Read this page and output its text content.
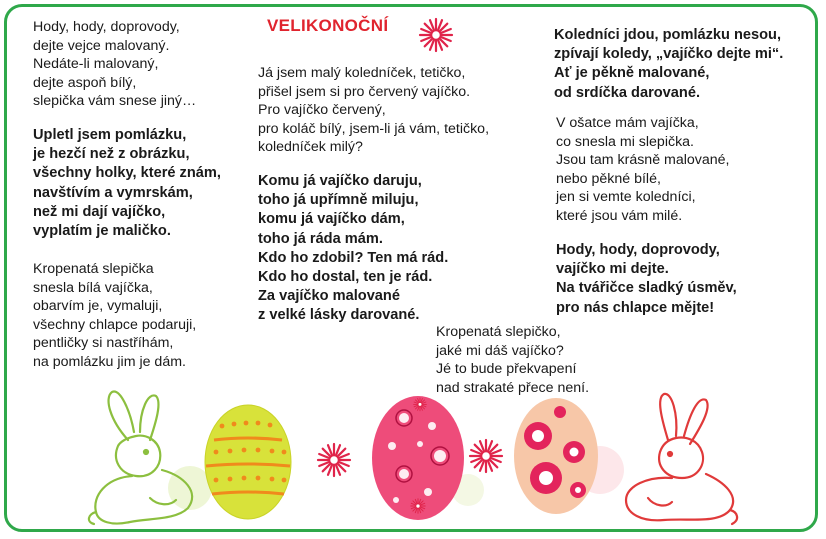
VELIKONOČNÍ
Hody, hody, doprovody,
dejte vejce malovaný.
Nedáte-li malovaný,
dejte aspoň bílý,
slepička vám snese jiný…
Upletl jsem pomlázku,
je hezčí než z obrázku,
všechny holky, které znám,
navštívím a vymrskám,
než mi dají vajíčko,
vyplatím je maličko.
Kropenatá slepička
snesla bílá vajíčka,
obarvím je, vymaluji,
všechny chlapce podaruji,
pentličky si nastříhám,
na pomlázku jim je dám.
Já jsem malý koledníček, tetičko,
přišel jsem si pro červený vajíčko.
Pro vajíčko červený,
pro koláč bílý, jsem-li já vám, tetičko,
koledníček milý?
Komu já vajíčko daruju,
toho já upřímně miluju,
komu já vajíčko dám,
toho já ráda mám.
Kdo ho zdobil? Ten má rád.
Kdo ho dostal, ten je rád.
Za vajíčko malované
z velké lásky darované.
Kropenatá slepičko,
jaké mi dáš vajíčko?
Jé to bude překvapení
nad strakaté přece není.
Koledníci jdou, pomlázku nesou,
zpívají koledy, „vajíčko dejte mi“.
Ať je pěkně malované,
od srdíčka darované.
V ošatce mám vajíčka,
co snesla mi slepička.
Jsou tam krásně malované,
nebo pěkné bílé,
jen si vemte koledníci,
které jsou vám milé.
Hody, hody, doprovody,
vajíčko mi dejte.
Na tvářičce sladký úsměv,
pro nás chlapce mějte!
